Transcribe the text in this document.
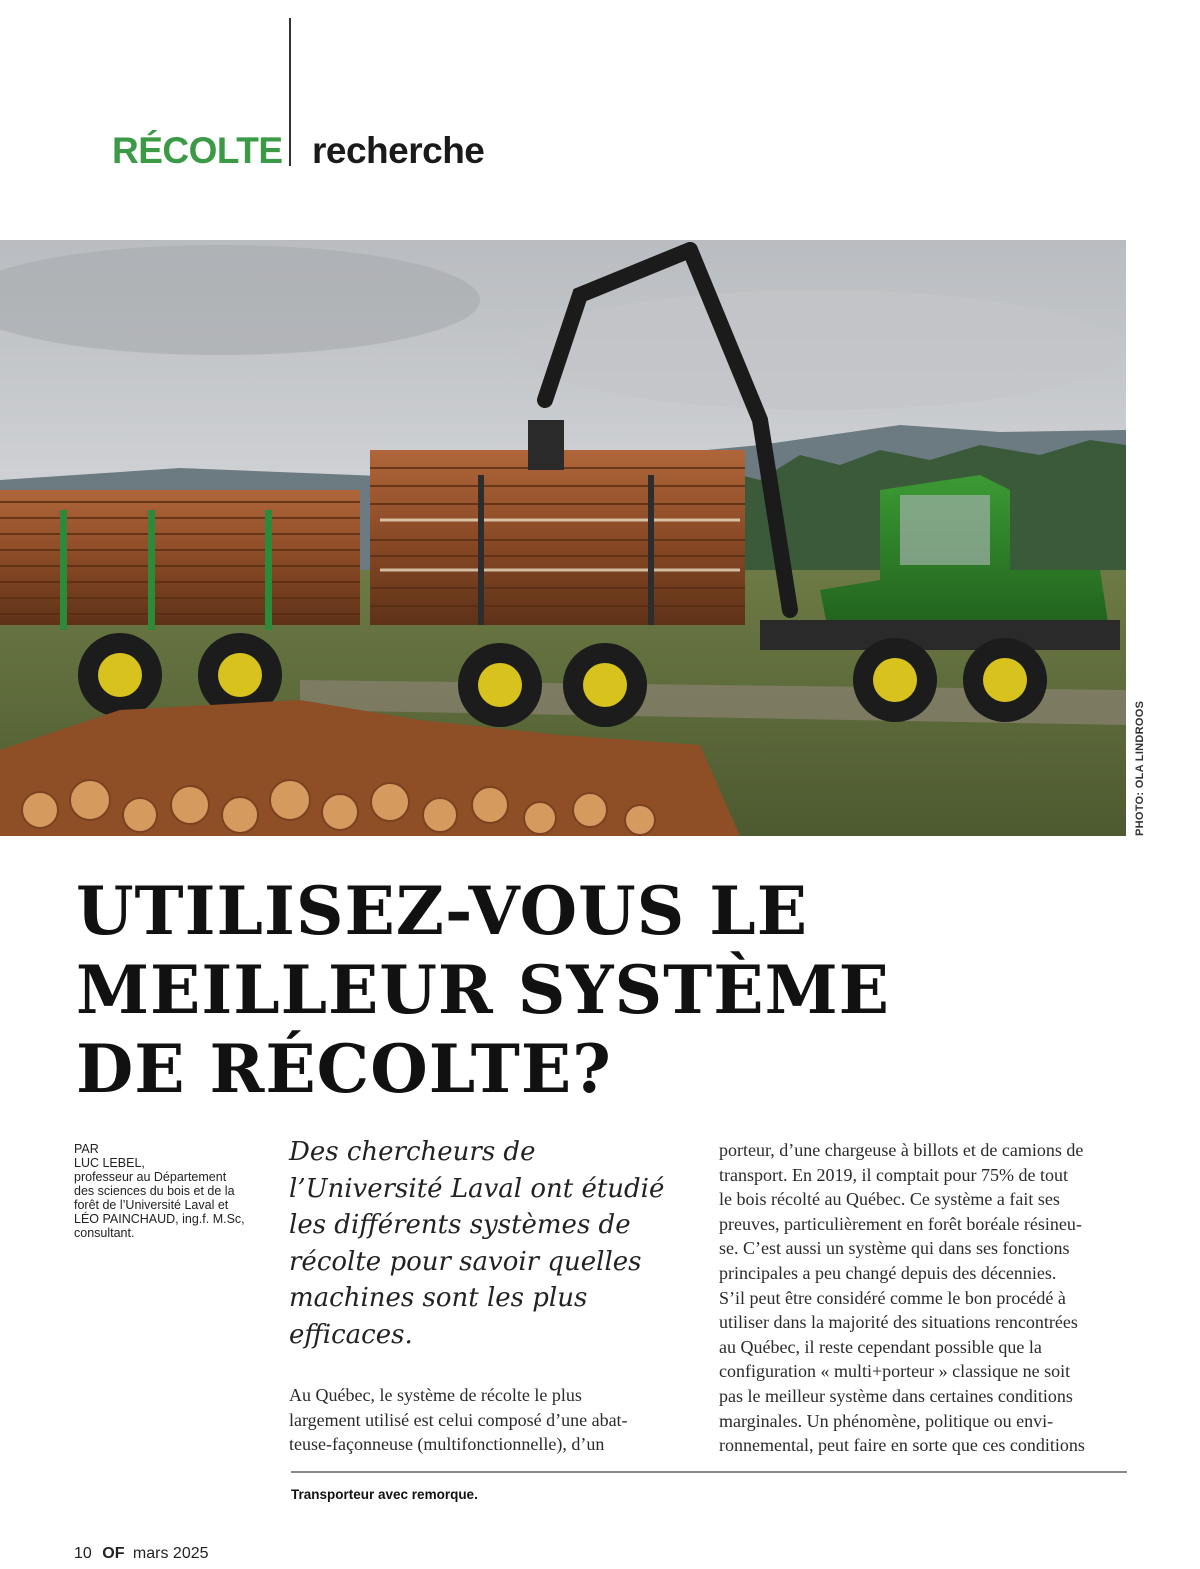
RÉCOLTE recherche
PHOTO: OLA LINDROOS
UTILISEZ-VOUS LE
MEILLEUR SYSTÈME
DE RÉCOLTE?
PAR
LUC LEBEL,
professeur au Département
des sciences du bois et de la
forêt de l’Université Laval et
LÉO PAINCHAUD, ing.f. M.Sc,
consultant.
Des chercheurs de
l’Université Laval ont étudié
les différents systèmes de
récolte pour savoir quelles
machines sont les plus
efficaces.
Au Québec, le système de récolte le plus
largement utilisé est celui composé d’une abat-
teuse-façonneuse (multifonctionnelle), d’un
porteur, d’une chargeuse à billots et de camions de
transport. En 2019, il comptait pour 75% de tout
le bois récolté au Québec. Ce système a fait ses
preuves, particulièrement en forêt boréale résineu-
se. C’est aussi un système qui dans ses fonctions
principales a peu changé depuis des décennies.
S’il peut être considéré comme le bon procédé à
utiliser dans la majorité des situations rencontrées
au Québec, il reste cependant possible que la
configuration « multi+porteur » classique ne soit
pas le meilleur système dans certaines conditions
marginales. Un phénomène, politique ou envi-
ronnemental, peut faire en sorte que ces conditions
Transporteur avec remorque.
10 OF mars 2025
